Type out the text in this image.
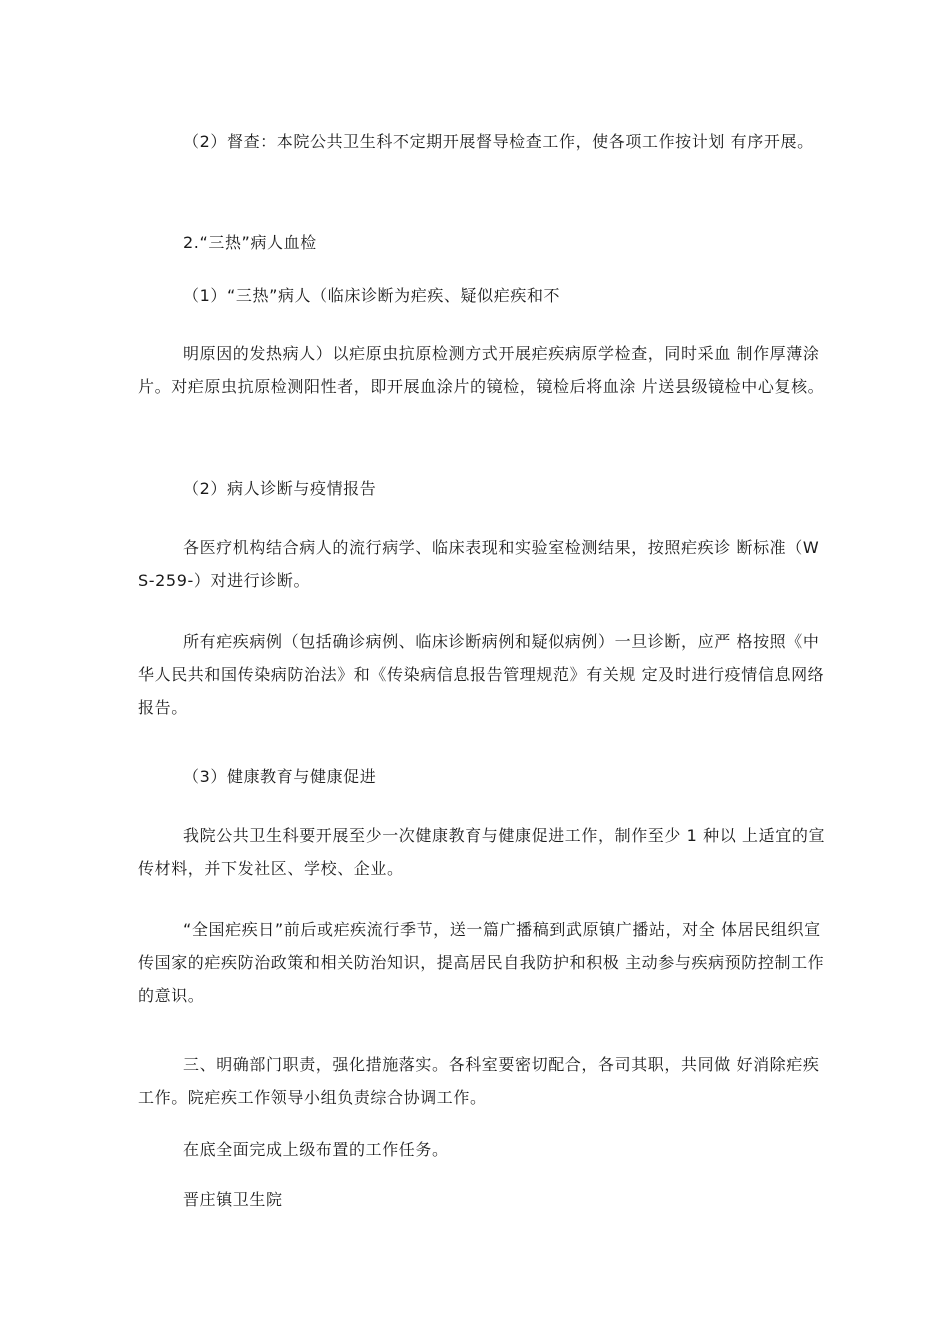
（2）督查：本院公共卫生科不定期开展督导检查工作，使各项工作按计划 有序开展。

2.“三热”病人血检

（1）“三热”病人（临床诊断为疟疾、疑似疟疾和不

明原因的发热病人）以疟原虫抗原检测方式开展疟疾病原学检查，同时采血 制作厚薄涂片。对疟原虫抗原检测阳性者，即开展血涂片的镜检，镜检后将血涂 片送县级镜检中心复核。

（2）病人诊断与疫情报告

各医疗机构结合病人的流行病学、临床表现和实验室检测结果，按照疟疾诊 断标准（WS-259-）对进行诊断。

所有疟疾病例（包括确诊病例、临床诊断病例和疑似病例）一旦诊断，应严 格按照《中华人民共和国传染病防治法》和《传染病信息报告管理规范》有关规 定及时进行疫情信息网络报告。

（3）健康教育与健康促进

我院公共卫生科要开展至少一次健康教育与健康促进工作，制作至少 1 种以 上适宜的宣传材料，并下发社区、学校、企业。

“全国疟疾日”前后或疟疾流行季节，送一篇广播稿到武原镇广播站，对全 体居民组织宣传国家的疟疾防治政策和相关防治知识，提高居民自我防护和积极 主动参与疾病预防控制工作的意识。

三、明确部门职责，强化措施落实。各科室要密切配合，各司其职，共同做 好消除疟疾工作。院疟疾工作领导小组负责综合协调工作。

在底全面完成上级布置的工作任务。

晋庄镇卫生院
